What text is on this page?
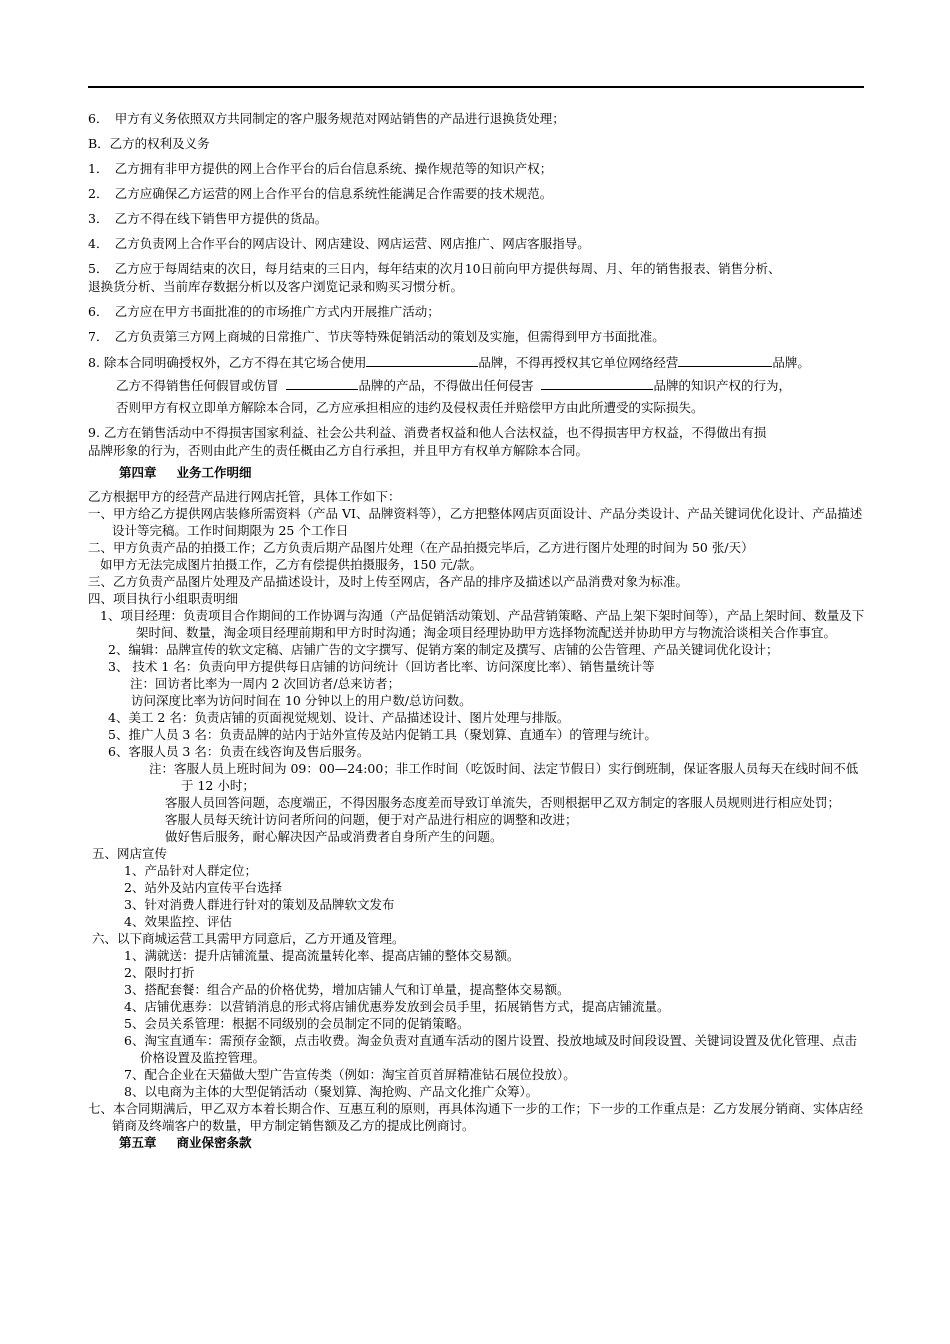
6．　甲方有义务依照双方共同制定的客户服务规范对网站销售的产品进行退换货处理；
B．乙方的权利及义务
1．　乙方拥有非甲方提供的网上合作平台的后台信息系统、操作规范等的知识产权；
2．　乙方应确保乙方运营的网上合作平台的信息系统性能满足合作需要的技术规范。
3．　乙方不得在线下销售甲方提供的货品。
4．　乙方负责网上合作平台的网店设计、网店建设、网店运营、网店推广、网店客服指导。
5．　乙方应于每周结束的次日，每月结束的三日内，每年结束的次月10日前向甲方提供每周、月、年的销售报表、销售分析、
退换货分析、当前库存数据分析以及客户浏览记录和购买习惯分析。
6．　乙方应在甲方书面批准的的市场推广方式内开展推广活动；
7．　乙方负责第三方网上商城的日常推广、节庆等特殊促销活动的策划及实施，但需得到甲方书面批准。
8. 除本合同明确授权外，乙方不得在其它场合使用	品牌，不得再授权其它单位网络经营	品牌。
乙方不得销售任何假冒或仿冒	品牌的产品，不得做出任何侵害	品牌的知识产权的行为，
否则甲方有权立即单方解除本合同，乙方应承担相应的违约及侵权责任并赔偿甲方由此所遭受的实际损失。
9. 乙方在销售活动中不得损害国家利益、社会公共利益、消费者权益和他人合法权益，也不得损害甲方权益，不得做出有损
品牌形象的行为，否则由此产生的责任概由乙方自行承担，并且甲方有权单方解除本合同。
第四章 业务工作明细
乙方根据甲方的经营产品进行网店托管，具体工作如下：
一、甲方给乙方提供网店装修所需资料（产品 VI、品牌资料等），乙方把整体网店页面设计、产品分类设计、产品关键词优化设计、产品描述设计等完稿。工作时间期限为 25 个工作日
二、甲方负责产品的拍摄工作；乙方负责后期产品图片处理（在产品拍摄完毕后，乙方进行图片处理的时间为 50 张/天）
如甲方无法完成图片拍摄工作，乙方有偿提供拍摄服务，150 元/款。
三、乙方负责产品图片处理及产品描述设计，及时上传至网店，各产品的排序及描述以产品消费对象为标准。
四、项目执行小组职责明细
1、项目经理：负责项目合作期间的工作协调与沟通（产品促销活动策划、产品营销策略、产品上架下架时间等），产品上架时间、数量及下架时间、数量，淘金项目经理前期和甲方时时沟通；淘金项目经理协助甲方选择物流配送并协助甲方与物流洽谈相关合作事宜。
2、编辑：品牌宣传的软文定稿、店铺广告的文字撰写、促销方案的制定及撰写、店铺的公告管理、产品关键词优化设计；
3、 技术 1 名：负责向甲方提供每日店铺的访问统计（回访者比率、访问深度比率）、销售量统计等
注：回访者比率为一周内 2 次回访者/总来访者；
访问深度比率为访问时间在 10 分钟以上的用户数/总访问数。
4、美工 2 名：负责店铺的页面视觉规划、设计、产品描述设计、图片处理与排版。
5、推广人员 3 名：负责品牌的站内于站外宣传及站内促销工具（聚划算、直通车）的管理与统计。
6、客服人员 3 名：负责在线咨询及售后服务。
注：客服人员上班时间为 09：00—24:00；非工作时间（吃饭时间、法定节假日）实行倒班制，保证客服人员每天在线时间不低于 12 小时；
客服人员回答问题，态度端正，不得因服务态度差而导致订单流失，否则根据甲乙双方制定的客服人员规则进行相应处罚；
客服人员每天统计访问者所问的问题，便于对产品进行相应的调整和改进；
做好售后服务，耐心解决因产品或消费者自身所产生的问题。
五、网店宣传
1、产品针对人群定位；
2、站外及站内宣传平台选择
3、针对消费人群进行针对的策划及品牌软文发布
4、效果监控、评估
六、以下商城运营工具需甲方同意后，乙方开通及管理。
1、满就送：提升店铺流量、提高流量转化率、提高店铺的整体交易额。
2、限时打折
3、搭配套餐：组合产品的价格优势，增加店铺人气和订单量，提高整体交易额。
4、店铺优惠券：以营销消息的形式将店铺优惠券发放到会员手里，拓展销售方式，提高店铺流量。
5、会员关系管理：根据不同级别的会员制定不同的促销策略。
6、淘宝直通车：需预存金额，点击收费。淘金负责对直通车活动的图片设置、投放地域及时间段设置、关键词设置及优化管理、点击价格设置及监控管理。
7、配合企业在天猫做大型广告宣传类（例如：淘宝首页首屏精准钻石展位投放）。
8、以电商为主体的大型促销活动（聚划算、淘抢购、产品文化推广众筹）。
七、本合同期满后，甲乙双方本着长期合作、互惠互利的原则，再具体沟通下一步的工作；下一步的工作重点是：乙方发展分销商、实体店经销商及终端客户的数量，甲方制定销售额及乙方的提成比例商讨。
第五章 商业保密条款
